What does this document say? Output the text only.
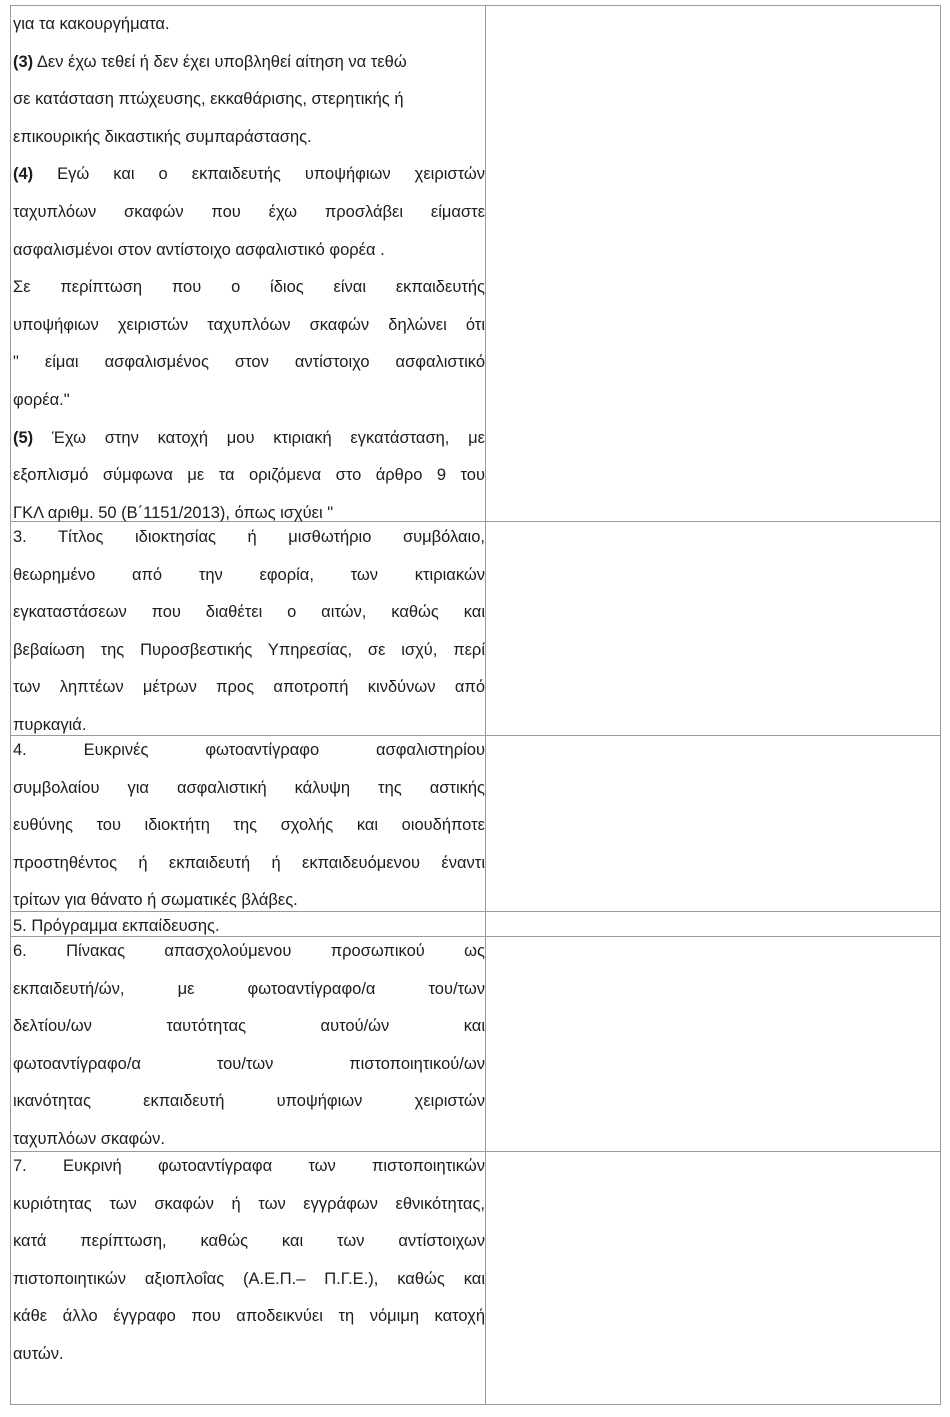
για τα κακουργήματα.
(3) Δεν έχω τεθεί ή δεν έχει υποβληθεί αίτηση να τεθώ
σε κατάσταση πτώχευσης, εκκαθάρισης, στερητικής ή
επικουρικής δικαστικής συμπαράστασης.
(4) Εγώ και ο εκπαιδευτής υποψήφιων χειριστών
ταχυπλόων σκαφών που έχω προσλάβει είμαστε
ασφαλισμένοι στον αντίστοιχο ασφαλιστικό φορέα .
Σε περίπτωση που ο ίδιος είναι εκπαιδευτής
υποψήφιων χειριστών ταχυπλόων σκαφών δηλώνει ότι
" είμαι ασφαλισμένος στον αντίστοιχο ασφαλιστικό
φορέα."
(5) Έχω στην κατοχή μου κτιριακή εγκατάσταση, με
εξοπλισμό σύμφωνα με τα οριζόμενα στο άρθρο 9 του
ΓΚΛ αριθμ. 50 (Β΄1151/2013), όπως ισχύει "
3. Τίτλος ιδιοκτησίας ή μισθωτήριο συμβόλαιο,
θεωρημένο από την εφορία, των κτιριακών
εγκαταστάσεων που διαθέτει ο αιτών, καθώς και
βεβαίωση της Πυροσβεστικής Υπηρεσίας, σε ισχύ, περί
των ληπτέων μέτρων προς αποτροπή κινδύνων από
πυρκαγιά.
4. Ευκρινές φωτοαντίγραφο ασφαλιστηρίου
συμβολαίου για ασφαλιστική κάλυψη της αστικής
ευθύνης του ιδιοκτήτη της σχολής και οιουδήποτε
προστηθέντος ή εκπαιδευτή ή εκπαιδευόμενου έναντι
τρίτων για θάνατο ή σωματικές βλάβες.
5. Πρόγραμμα εκπαίδευσης.
6. Πίνακας απασχολούμενου προσωπικού ως
εκπαιδευτή/ών, με φωτοαντίγραφο/α του/των
δελτίου/ων ταυτότητας αυτού/ών και
φωτοαντίγραφο/α του/των πιστοποιητικού/ων
ικανότητας εκπαιδευτή υποψήφιων χειριστών
ταχυπλόων σκαφών.
7. Ευκρινή φωτοαντίγραφα των πιστοποιητικών
κυριότητας των σκαφών ή των εγγράφων εθνικότητας,
κατά περίπτωση, καθώς και των αντίστοιχων
πιστοποιητικών αξιοπλοΐας (Α.Ε.Π.– Π.Γ.Ε.), καθώς και
κάθε άλλο έγγραφο που αποδεικνύει τη νόμιμη κατοχή
αυτών.
